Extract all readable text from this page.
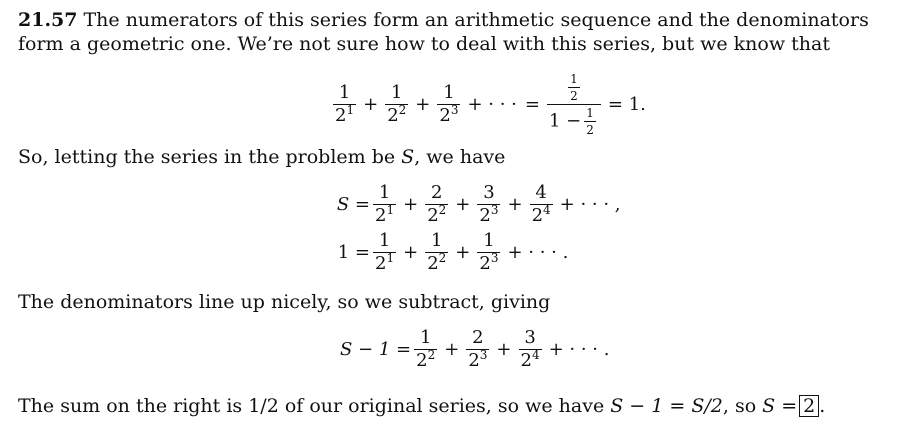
21.57 The numerators of this series form an arithmetic sequence and the denominators form a geometric one. We’re not sure how to deal with this series, but we know that
$\frac{1}{2^1} + \frac{1}{2^2} + \frac{1}{2^3}$ + · · · = $\frac{\frac{1}{2}}{1 - \frac{1}{2}} = 1$.
So, letting the series in the problem be S, we have
$S = \frac{1}{2^1} + \frac{2}{2^2} + \frac{3}{2^3} + \frac{4}{2^4}$ + · · · ,
$1 = \frac{1}{2^1} + \frac{1}{2^2} + \frac{1}{2^3}$ + · · · .
The denominators line up nicely, so we subtract, giving
$S - 1 = \frac{1}{2^2} + \frac{2}{2^3} + \frac{3}{2^4}$ + · · · .
The sum on the right is 1/2 of our original series, so we have S − 1 = S/2, so S = 2 .
